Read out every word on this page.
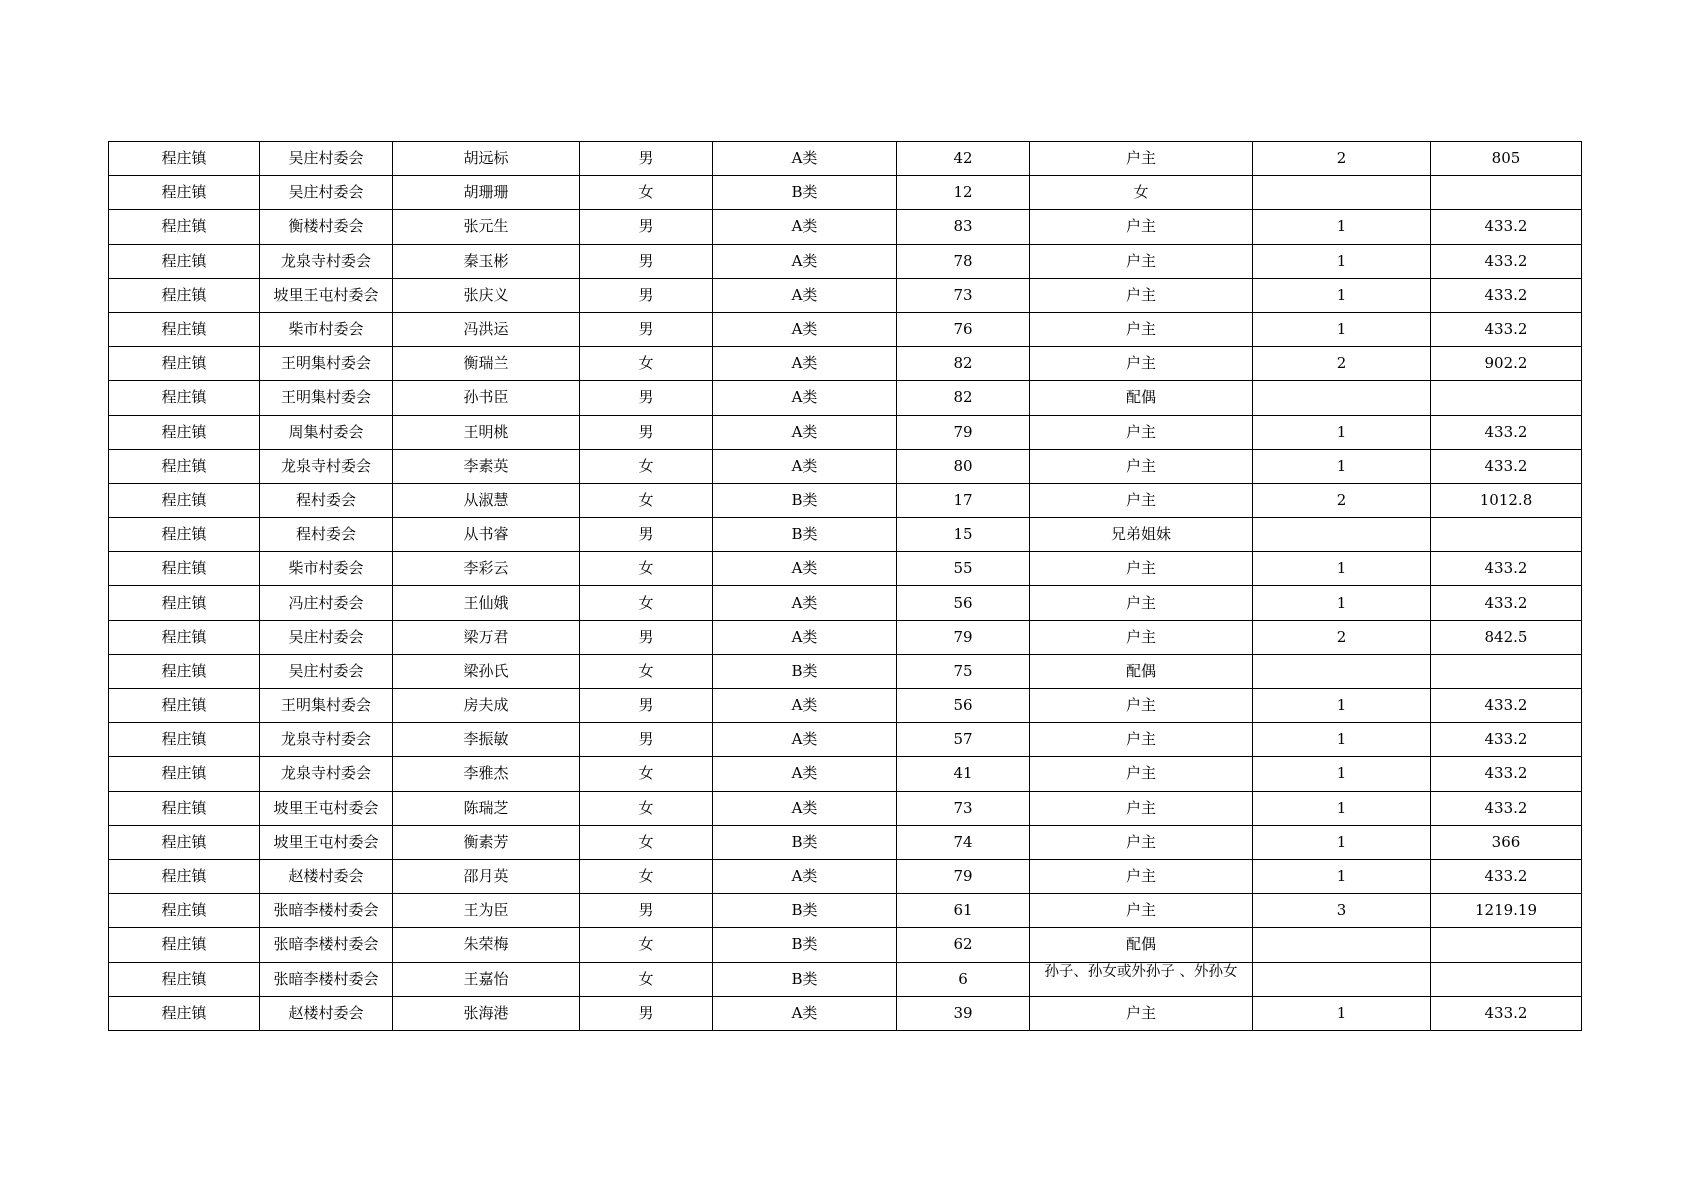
程庄镇	吴庄村委会	胡远标	男	A类	42	户主	2	805
程庄镇	吴庄村委会	胡珊珊	女	B类	12	女		
程庄镇	衡楼村委会	张元生	男	A类	83	户主	1	433.2
程庄镇	龙泉寺村委会	秦玉彬	男	A类	78	户主	1	433.2
程庄镇	坡里王屯村委会	张庆义	男	A类	73	户主	1	433.2
程庄镇	柴市村委会	冯洪运	男	A类	76	户主	1	433.2
程庄镇	王明集村委会	衡瑞兰	女	A类	82	户主	2	902.2
程庄镇	王明集村委会	孙书臣	男	A类	82	配偶		
程庄镇	周集村委会	王明桃	男	A类	79	户主	1	433.2
程庄镇	龙泉寺村委会	李素英	女	A类	80	户主	1	433.2
程庄镇	程村委会	从淑慧	女	B类	17	户主	2	1012.8
程庄镇	程村委会	从书睿	男	B类	15	兄弟姐妹		
程庄镇	柴市村委会	李彩云	女	A类	55	户主	1	433.2
程庄镇	冯庄村委会	王仙娥	女	A类	56	户主	1	433.2
程庄镇	吴庄村委会	梁万君	男	A类	79	户主	2	842.5
程庄镇	吴庄村委会	梁孙氏	女	B类	75	配偶		
程庄镇	王明集村委会	房夫成	男	A类	56	户主	1	433.2
程庄镇	龙泉寺村委会	李振敏	男	A类	57	户主	1	433.2
程庄镇	龙泉寺村委会	李雅杰	女	A类	41	户主	1	433.2
程庄镇	坡里王屯村委会	陈瑞芝	女	A类	73	户主	1	433.2
程庄镇	坡里王屯村委会	衡素芳	女	B类	74	户主	1	366
程庄镇	赵楼村委会	邵月英	女	A类	79	户主	1	433.2
程庄镇	张暗李楼村委会	王为臣	男	B类	61	户主	3	1219.19
程庄镇	张暗李楼村委会	朱荣梅	女	B类	62	配偶		
程庄镇	张暗李楼村委会	王嘉怡	女	B类	6	孙子、孙女或外孙子 、外孙女		

程庄镇	赵楼村委会	张海港	男	A类	39	户主	1	433.2
